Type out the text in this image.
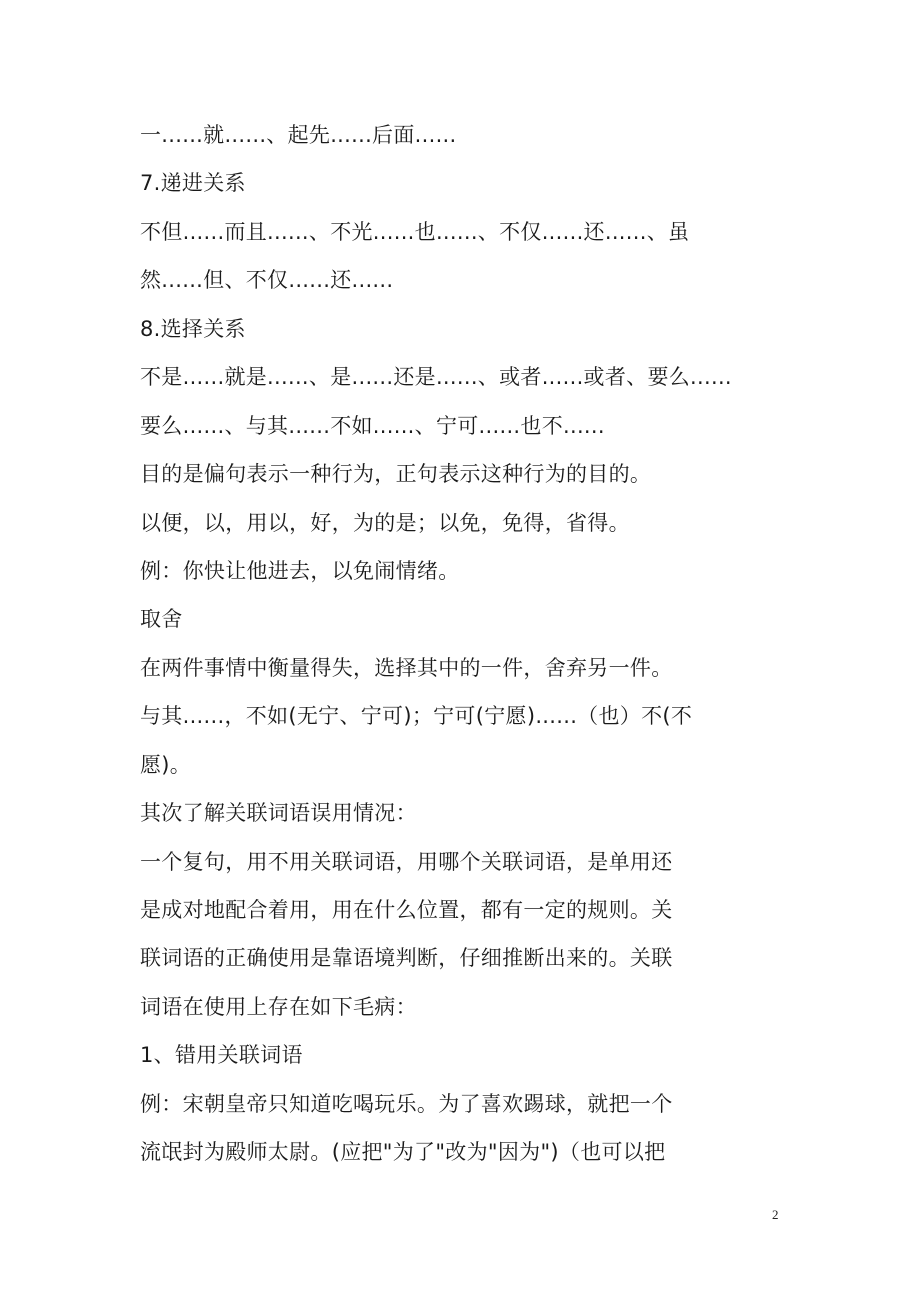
一......就......、起先......后面......
7.递进关系
不但......而且......、不光......也......、不仅......还......、虽
然......但、不仅......还......
8.选择关系
不是......就是......、是......还是......、或者......或者、要么......
要么......、与其......不如......、宁可......也不......
目的是偏句表示一种行为，正句表示这种行为的目的。
以便，以，用以，好，为的是；以免，免得，省得。
例：你快让他进去，以免闹情绪。
取舍
在两件事情中衡量得失，选择其中的一件，舍弃另一件。
与其......，不如(无宁、宁可)；宁可(宁愿)......（也）不(不
愿)。
其次了解关联词语误用情况：
一个复句，用不用关联词语，用哪个关联词语，是单用还
是成对地配合着用，用在什么位置，都有一定的规则。关
联词语的正确使用是靠语境判断，仔细推断出来的。关联
词语在使用上存在如下毛病：
1、错用关联词语
例：宋朝皇帝只知道吃喝玩乐。为了喜欢踢球，就把一个
流氓封为殿师太尉。(应把"为了"改为"因为")（也可以把
2
